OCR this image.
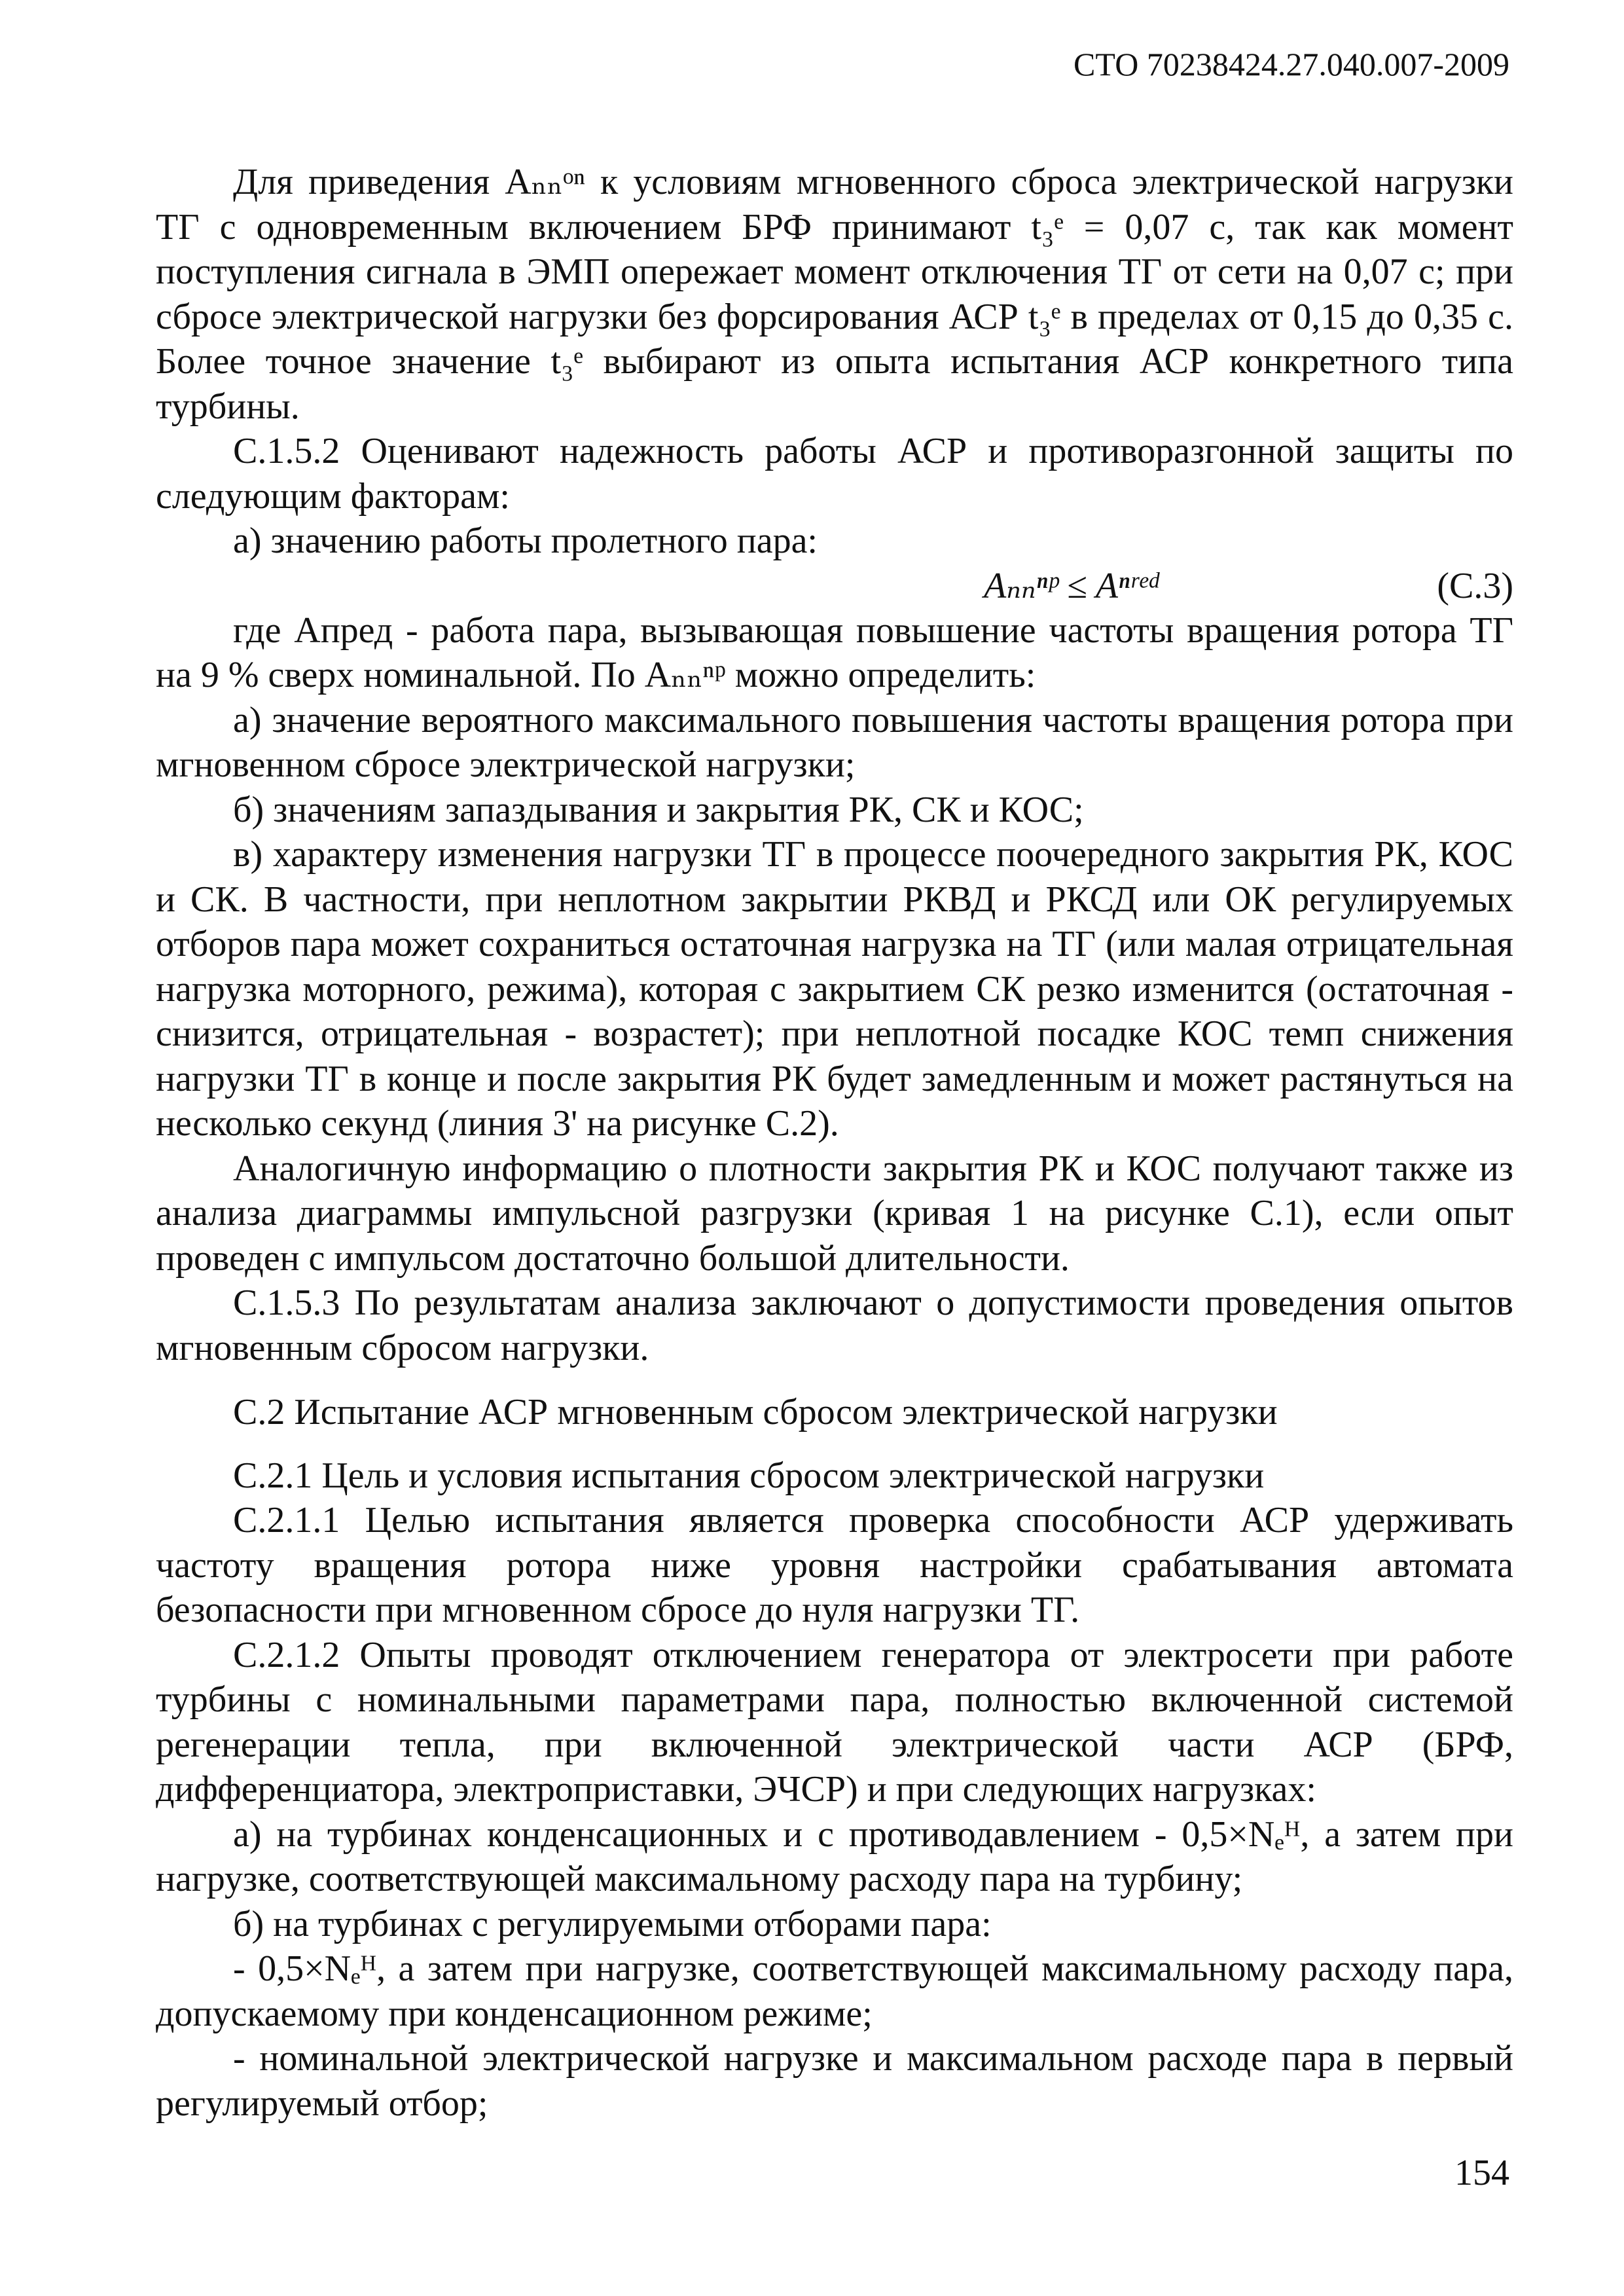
СТО 70238424.27.040.007-2009

Для приведения Aₙₙᵒⁿ к условиям мгновенного сброса электрической нагрузки ТГ с одновременным включением БРФ принимают t₃ᵉ = 0,07 с, так как момент поступления сигнала в ЭМП опережает момент отключения ТГ от сети на 0,07 с; при сбросе электрической нагрузки без форсирования АСР t₃ᵉ в пределах от 0,15 до 0,35 с. Более точное значение t₃ᵉ выбирают из опыта испытания АСР конкретного типа турбины.

С.1.5.2 Оценивают надежность работы АСР и противоразгонной защиты по следующим факторам:

а) значению работы пролетного пара:

Aₙₙⁿᵖ ≤ Aⁿʳᵉᵈ	(С.3)

где Aпред - работа пара, вызывающая повышение частоты вращения ротора ТГ на 9 % сверх номинальной. По Aₙₙⁿᵖ можно определить:

а) значение вероятного максимального повышения частоты вращения ротора при мгновенном сбросе электрической нагрузки;

б) значениям запаздывания и закрытия РК, СК и КОС;

в) характеру изменения нагрузки ТГ в процессе поочередного закрытия РК, КОС и СК. В частности, при неплотном закрытии РКВД и РКСД или ОК регулируемых отборов пара может сохраниться остаточная нагрузка на ТГ (или малая отрицательная нагрузка моторного, режима), которая с закрытием СК резко изменится (остаточная - снизится, отрицательная - возрастет); при неплотной посадке КОС темп снижения нагрузки ТГ в конце и после закрытия РК будет замедленным и может растянуться на несколько секунд (линия 3' на рисунке С.2).

Аналогичную информацию о плотности закрытия РК и КОС получают также из анализа диаграммы импульсной разгрузки (кривая 1 на рисунке С.1), если опыт проведен с импульсом достаточно большой длительности.

С.1.5.3 По результатам анализа заключают о допустимости проведения опытов мгновенным сбросом нагрузки.

С.2 Испытание АСР мгновенным сбросом электрической нагрузки

С.2.1 Цель и условия испытания сбросом электрической нагрузки

С.2.1.1 Целью испытания является проверка способности АСР удерживать частоту вращения ротора ниже уровня настройки срабатывания автомата безопасности при мгновенном сбросе до нуля нагрузки ТГ.

С.2.1.2 Опыты проводят отключением генератора от электросети при работе турбины с номинальными параметрами пара, полностью включенной системой регенерации тепла, при включенной электрической части АСР (БРФ, дифференциатора, электроприставки, ЭЧСР) и при следующих нагрузках:

а) на турбинах конденсационных и с противодавлением - 0,5×Nₑᴴ, а затем при нагрузке, соответствующей максимальному расходу пара на турбину;

б) на турбинах с регулируемыми отборами пара:

- 0,5×Nₑᴴ, а затем при нагрузке, соответствующей максимальному расходу пара, допускаемому при конденсационном режиме;

- номинальной электрической нагрузке и максимальном расходе пара в первый регулируемый отбор;

154
